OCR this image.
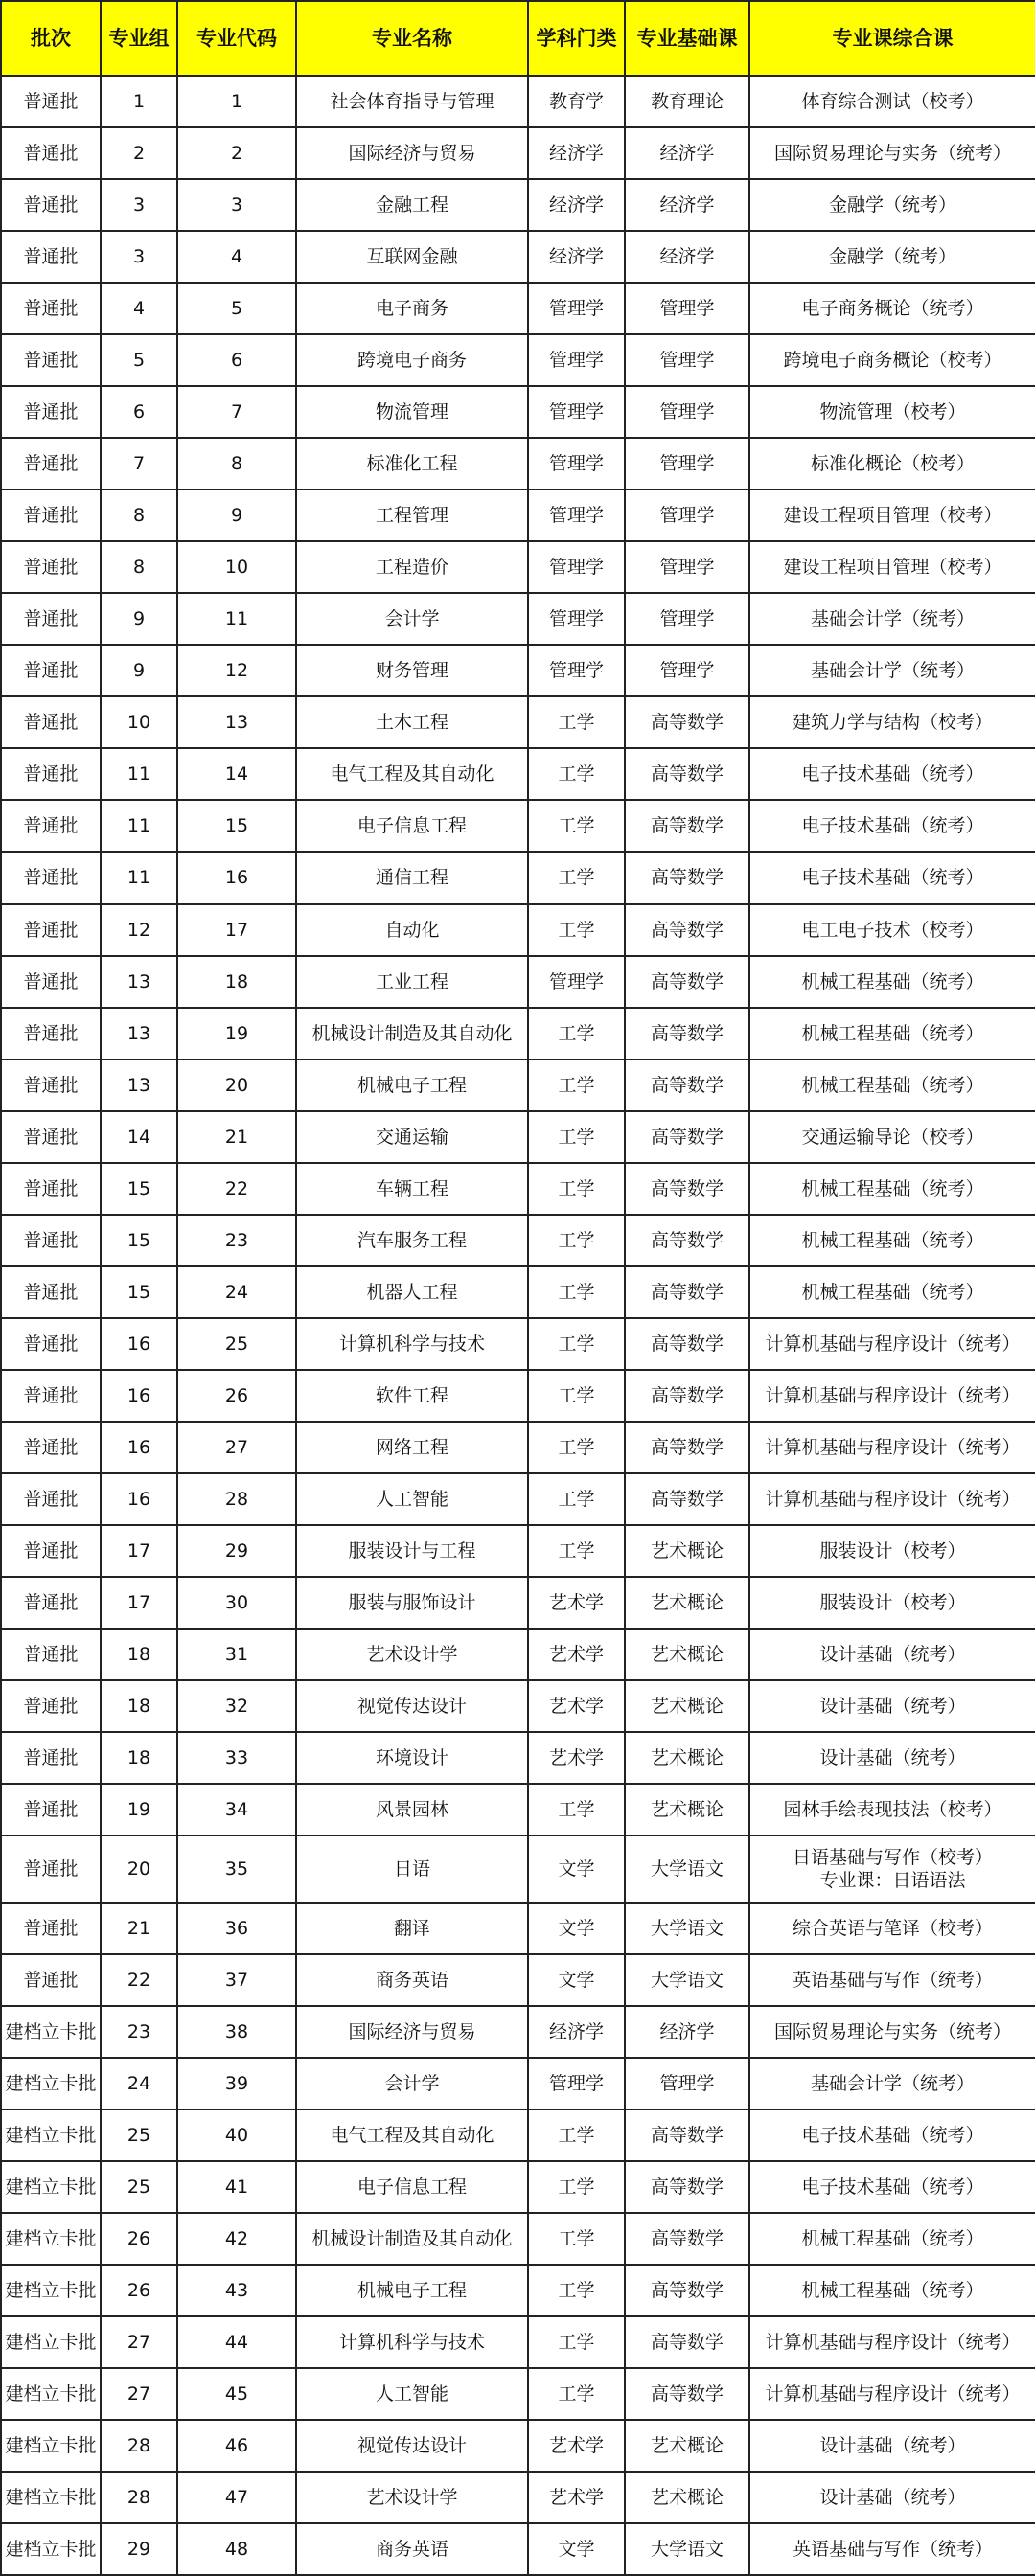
批次	专业组	专业代码	专业名称	学科门类	专业基础课	专业课综合课
普通批	1	1	社会体育指导与管理	教育学	教育理论	体育综合测试（校考）
普通批	2	2	国际经济与贸易	经济学	经济学	国际贸易理论与实务（统考）
普通批	3	3	金融工程	经济学	经济学	金融学（统考）
普通批	3	4	互联网金融	经济学	经济学	金融学（统考）
普通批	4	5	电子商务	管理学	管理学	电子商务概论（统考）
普通批	5	6	跨境电子商务	管理学	管理学	跨境电子商务概论（校考）
普通批	6	7	物流管理	管理学	管理学	物流管理（校考）
普通批	7	8	标准化工程	管理学	管理学	标准化概论（校考）
普通批	8	9	工程管理	管理学	管理学	建设工程项目管理（校考）
普通批	8	10	工程造价	管理学	管理学	建设工程项目管理（校考）
普通批	9	11	会计学	管理学	管理学	基础会计学（统考）
普通批	9	12	财务管理	管理学	管理学	基础会计学（统考）
普通批	10	13	土木工程	工学	高等数学	建筑力学与结构（校考）
普通批	11	14	电气工程及其自动化	工学	高等数学	电子技术基础（统考）
普通批	11	15	电子信息工程	工学	高等数学	电子技术基础（统考）
普通批	11	16	通信工程	工学	高等数学	电子技术基础（统考）
普通批	12	17	自动化	工学	高等数学	电工电子技术（校考）
普通批	13	18	工业工程	管理学	高等数学	机械工程基础（统考）
普通批	13	19	机械设计制造及其自动化	工学	高等数学	机械工程基础（统考）
普通批	13	20	机械电子工程	工学	高等数学	机械工程基础（统考）
普通批	14	21	交通运输	工学	高等数学	交通运输导论（校考）
普通批	15	22	车辆工程	工学	高等数学	机械工程基础（统考）
普通批	15	23	汽车服务工程	工学	高等数学	机械工程基础（统考）
普通批	15	24	机器人工程	工学	高等数学	机械工程基础（统考）
普通批	16	25	计算机科学与技术	工学	高等数学	计算机基础与程序设计（统考）
普通批	16	26	软件工程	工学	高等数学	计算机基础与程序设计（统考）
普通批	16	27	网络工程	工学	高等数学	计算机基础与程序设计（统考）
普通批	16	28	人工智能	工学	高等数学	计算机基础与程序设计（统考）
普通批	17	29	服装设计与工程	工学	艺术概论	服装设计（校考）
普通批	17	30	服装与服饰设计	艺术学	艺术概论	服装设计（校考）
普通批	18	31	艺术设计学	艺术学	艺术概论	设计基础（统考）
普通批	18	32	视觉传达设计	艺术学	艺术概论	设计基础（统考）
普通批	18	33	环境设计	艺术学	艺术概论	设计基础（统考）
普通批	19	34	风景园林	工学	艺术概论	园林手绘表现技法（校考）
普通批	20	35	日语	文学	大学语文	日语基础与写作（校考）
专业课：日语语法
普通批	21	36	翻译	文学	大学语文	综合英语与笔译（校考）
普通批	22	37	商务英语	文学	大学语文	英语基础与写作（统考）
建档立卡批	23	38	国际经济与贸易	经济学	经济学	国际贸易理论与实务（统考）
建档立卡批	24	39	会计学	管理学	管理学	基础会计学（统考）
建档立卡批	25	40	电气工程及其自动化	工学	高等数学	电子技术基础（统考）
建档立卡批	25	41	电子信息工程	工学	高等数学	电子技术基础（统考）
建档立卡批	26	42	机械设计制造及其自动化	工学	高等数学	机械工程基础（统考）
建档立卡批	26	43	机械电子工程	工学	高等数学	机械工程基础（统考）
建档立卡批	27	44	计算机科学与技术	工学	高等数学	计算机基础与程序设计（统考）
建档立卡批	27	45	人工智能	工学	高等数学	计算机基础与程序设计（统考）
建档立卡批	28	46	视觉传达设计	艺术学	艺术概论	设计基础（统考）
建档立卡批	28	47	艺术设计学	艺术学	艺术概论	设计基础（统考）
建档立卡批	29	48	商务英语	文学	大学语文	英语基础与写作（统考）
